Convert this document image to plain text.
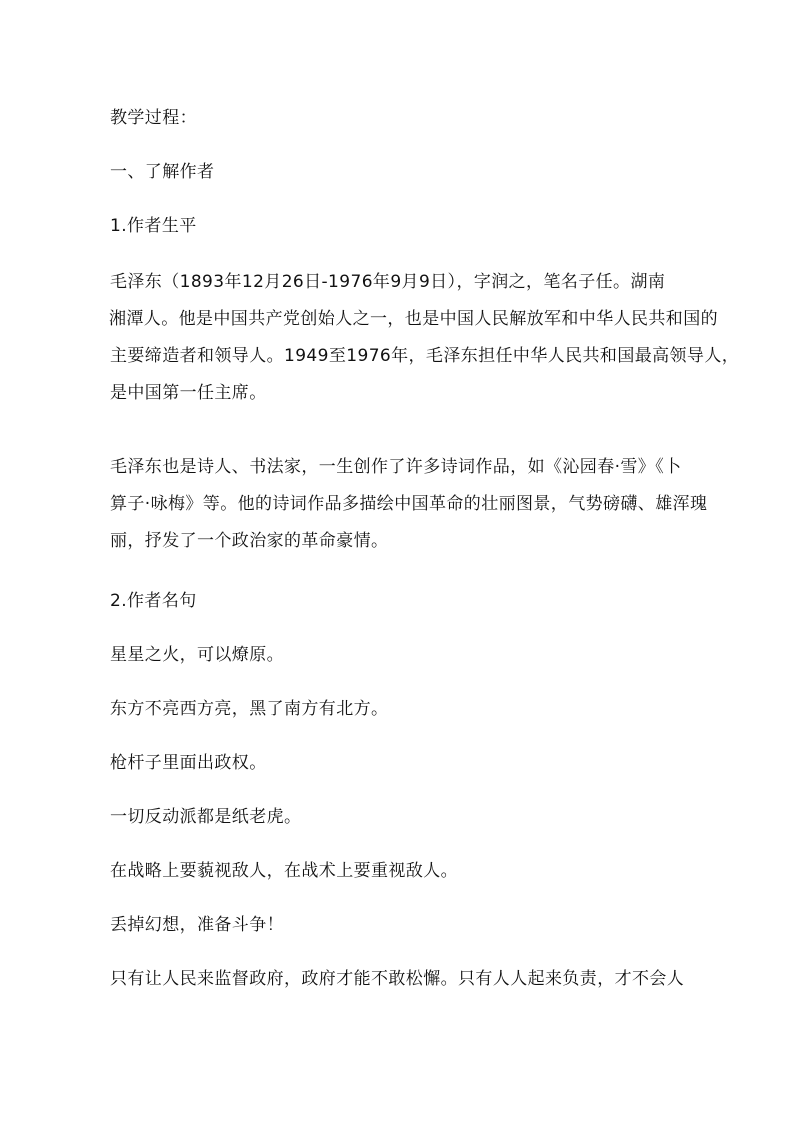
教学过程：
一、了解作者
1.作者生平
毛泽东（1893年12月26日-1976年9月9日），字润之，笔名子任。湖南
湘潭人。他是中国共产党创始人之一，也是中国人民解放军和中华人民共和国的
主要缔造者和领导人。1949至1976年，毛泽东担任中华人民共和国最高领导人，
是中国第一任主席。
毛泽东也是诗人、书法家，一生创作了许多诗词作品，如《沁园春·雪》《卜
算子·咏梅》等。他的诗词作品多描绘中国革命的壮丽图景，气势磅礴、雄浑瑰
丽，抒发了一个政治家的革命豪情。
2.作者名句
星星之火，可以燎原。
东方不亮西方亮，黑了南方有北方。
枪杆子里面出政权。
一切反动派都是纸老虎。
在战略上要藐视敌人，在战术上要重视敌人。
丢掉幻想，准备斗争！
只有让人民来监督政府，政府才能不敢松懈。只有人人起来负责，才不会人
